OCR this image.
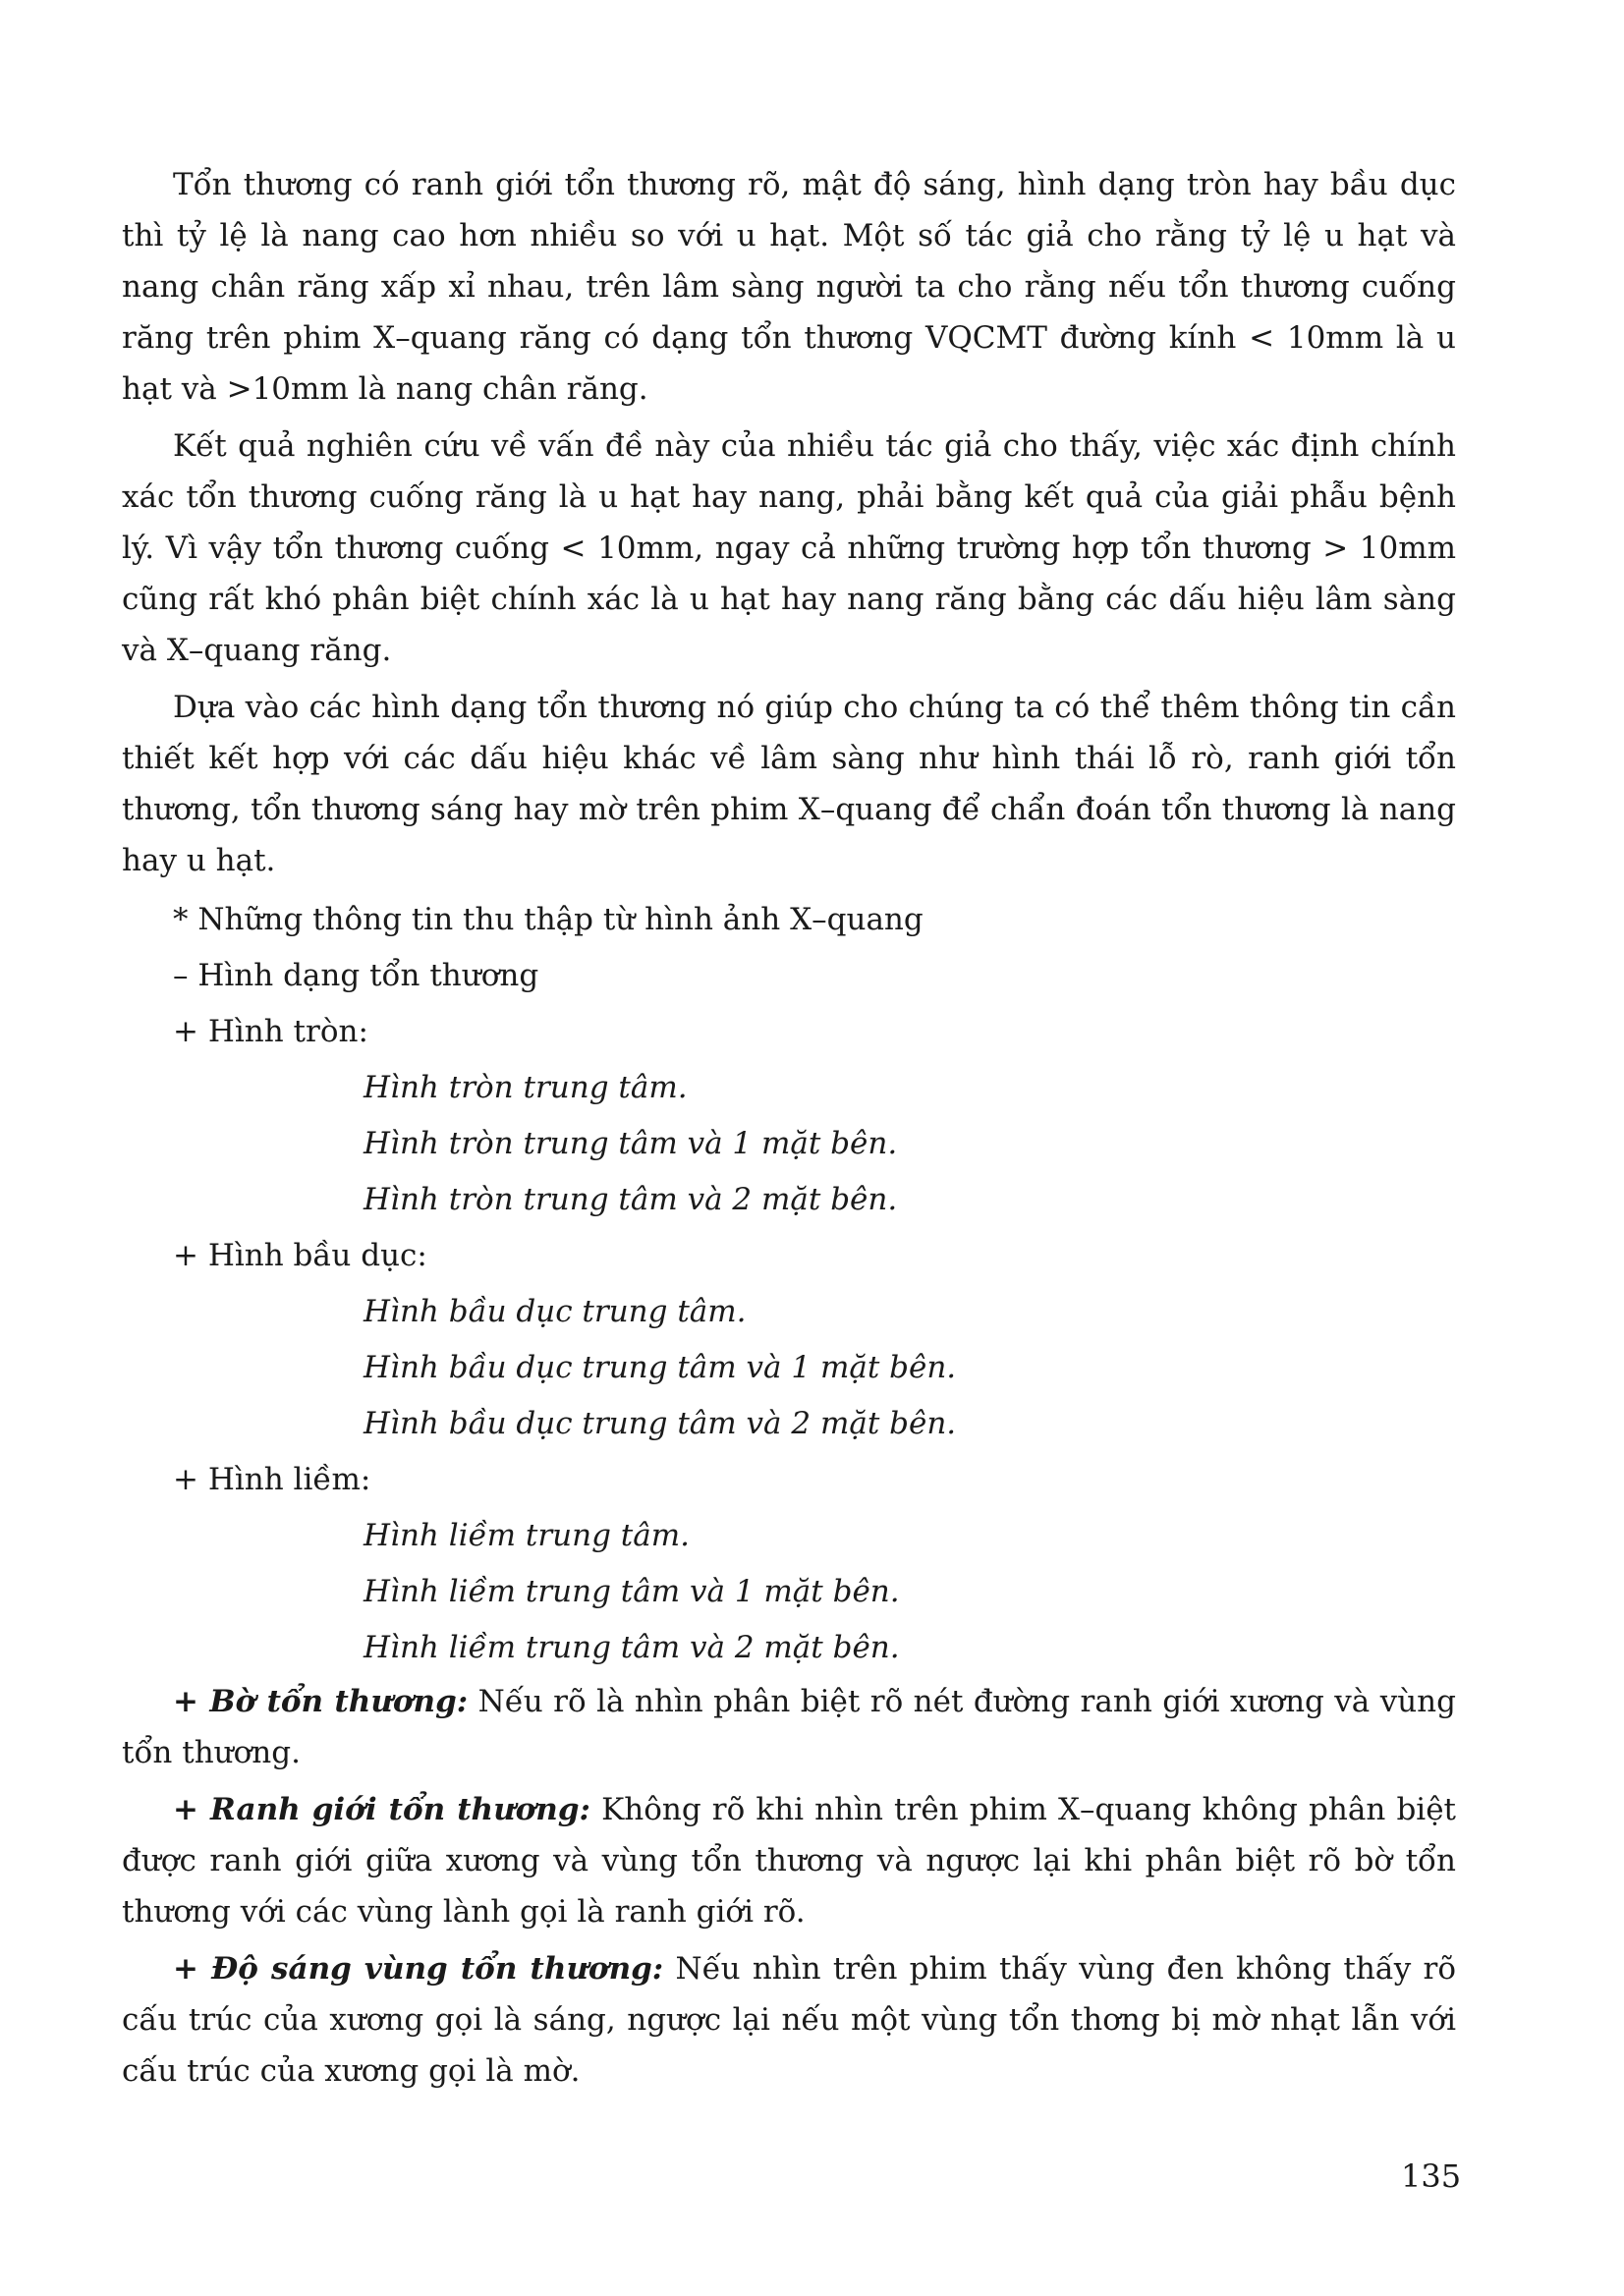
Tổn thương có ranh giới tổn thương rõ, mật độ sáng, hình dạng tròn hay bầu dục thì tỷ lệ là nang cao hơn nhiều so với u hạt. Một số tác giả cho rằng tỷ lệ u hạt và nang chân răng xấp xỉ nhau, trên lâm sàng người ta cho rằng nếu tổn thương cuống răng trên phim X–quang răng có dạng tổn thương VQCMT đường kính < 10mm là u hạt và >10mm là nang chân răng.

Kết quả nghiên cứu về vấn đề này của nhiều tác giả cho thấy, việc xác định chính xác tổn thương cuống răng là u hạt hay nang, phải bằng kết quả của giải phẫu bệnh lý. Vì vậy tổn thương cuống < 10mm, ngay cả những trường hợp tổn thương > 10mm cũng rất khó phân biệt chính xác là u hạt hay nang răng bằng các dấu hiệu lâm sàng và X–quang răng.

Dựa vào các hình dạng tổn thương nó giúp cho chúng ta có thể thêm thông tin cần thiết kết hợp với các dấu hiệu khác về lâm sàng như hình thái lỗ rò, ranh giới tổn thương, tổn thương sáng hay mờ trên phim X–quang để chẩn đoán tổn thương là nang hay u hạt.

* Những thông tin thu thập từ hình ảnh X–quang

– Hình dạng tổn thương

+ Hình tròn:

Hình tròn trung tâm.

Hình tròn trung tâm và 1 mặt bên.

Hình tròn trung tâm và 2 mặt bên.

+ Hình bầu dục:

Hình bầu dục trung tâm.

Hình bầu dục trung tâm và 1 mặt bên.

Hình bầu dục trung tâm và 2 mặt bên.

+ Hình liềm:

Hình liềm trung tâm.

Hình liềm trung tâm và 1 mặt bên.

Hình liềm trung tâm và 2 mặt bên.

+ Bờ tổn thương: Nếu rõ là nhìn phân biệt rõ nét đường ranh giới xương và vùng tổn thương.

+ Ranh giới tổn thương: Không rõ khi nhìn trên phim X–quang không phân biệt được ranh giới giữa xương và vùng tổn thương và ngược lại khi phân biệt rõ bờ tổn thương với các vùng lành gọi là ranh giới rõ.

+ Độ sáng vùng tổn thương: Nếu nhìn trên phim thấy vùng đen không thấy rõ cấu trúc của xương gọi là sáng, ngược lại nếu một vùng tổn thơng bị mờ nhạt lẫn với cấu trúc của xương gọi là mờ.

135
